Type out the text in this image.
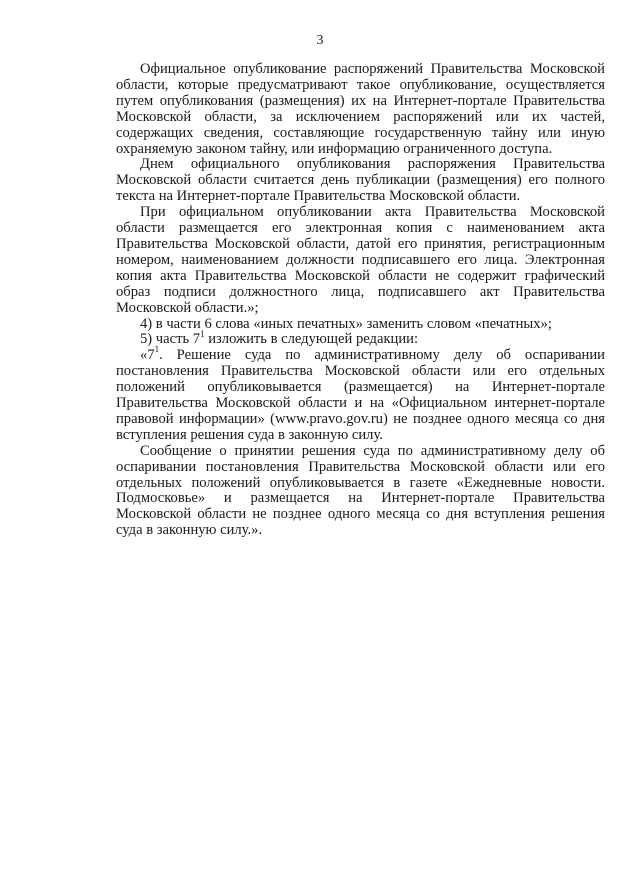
3

Официальное опубликование распоряжений Правительства Московской области, которые предусматривают такое опубликование, осуществляется путем опубликования (размещения) их на Интернет-портале Правительства Московской области, за исключением распоряжений или их частей, содержащих сведения, составляющие государственную тайну или иную охраняемую законом тайну, или информацию ограниченного доступа.

Днем официального опубликования распоряжения Правительства Московской области считается день публикации (размещения) его полного текста на Интернет-портале Правительства Московской области.

При официальном опубликовании акта Правительства Московской области размещается его электронная копия с наименованием акта Правительства Московской области, датой его принятия, регистрационным номером, наименованием должности подписавшего его лица. Электронная копия акта Правительства Московской области не содержит графический образ подписи должностного лица, подписавшего акт Правительства Московской области.»;

4) в части 6 слова «иных печатных» заменить словом «печатных»;

5) часть $7^1$ изложить в следующей редакции:

«$7^1$. Решение суда по административному делу об оспаривании постановления Правительства Московской области или его отдельных положений опубликовывается (размещается) на Интернет-портале Правительства Московской области и на «Официальном интернет-портале правовой информации» (www.pravo.gov.ru) не позднее одного месяца со дня вступления решения суда в законную силу.

Сообщение о принятии решения суда по административному делу об оспаривании постановления Правительства Московской области или его отдельных положений опубликовывается в газете «Ежедневные новости. Подмосковье» и размещается на Интернет-портале Правительства Московской области не позднее одного месяца со дня вступления решения суда в законную силу.».
